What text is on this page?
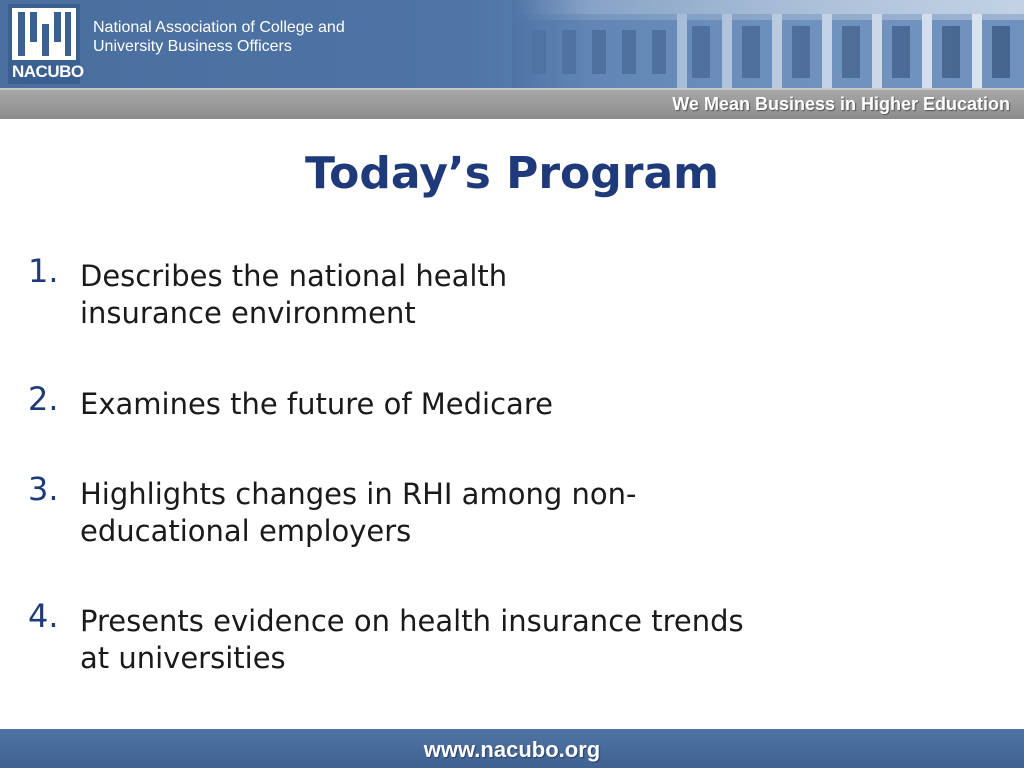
NACUBO
National Association of College and University Business Officers
We Mean Business in Higher Education
Today’s Program
1. Describes the national health insurance environment
2. Examines the future of Medicare
3. Highlights changes in RHI among non-educational employers
4. Presents evidence on health insurance trends at universities
www.nacubo.org
